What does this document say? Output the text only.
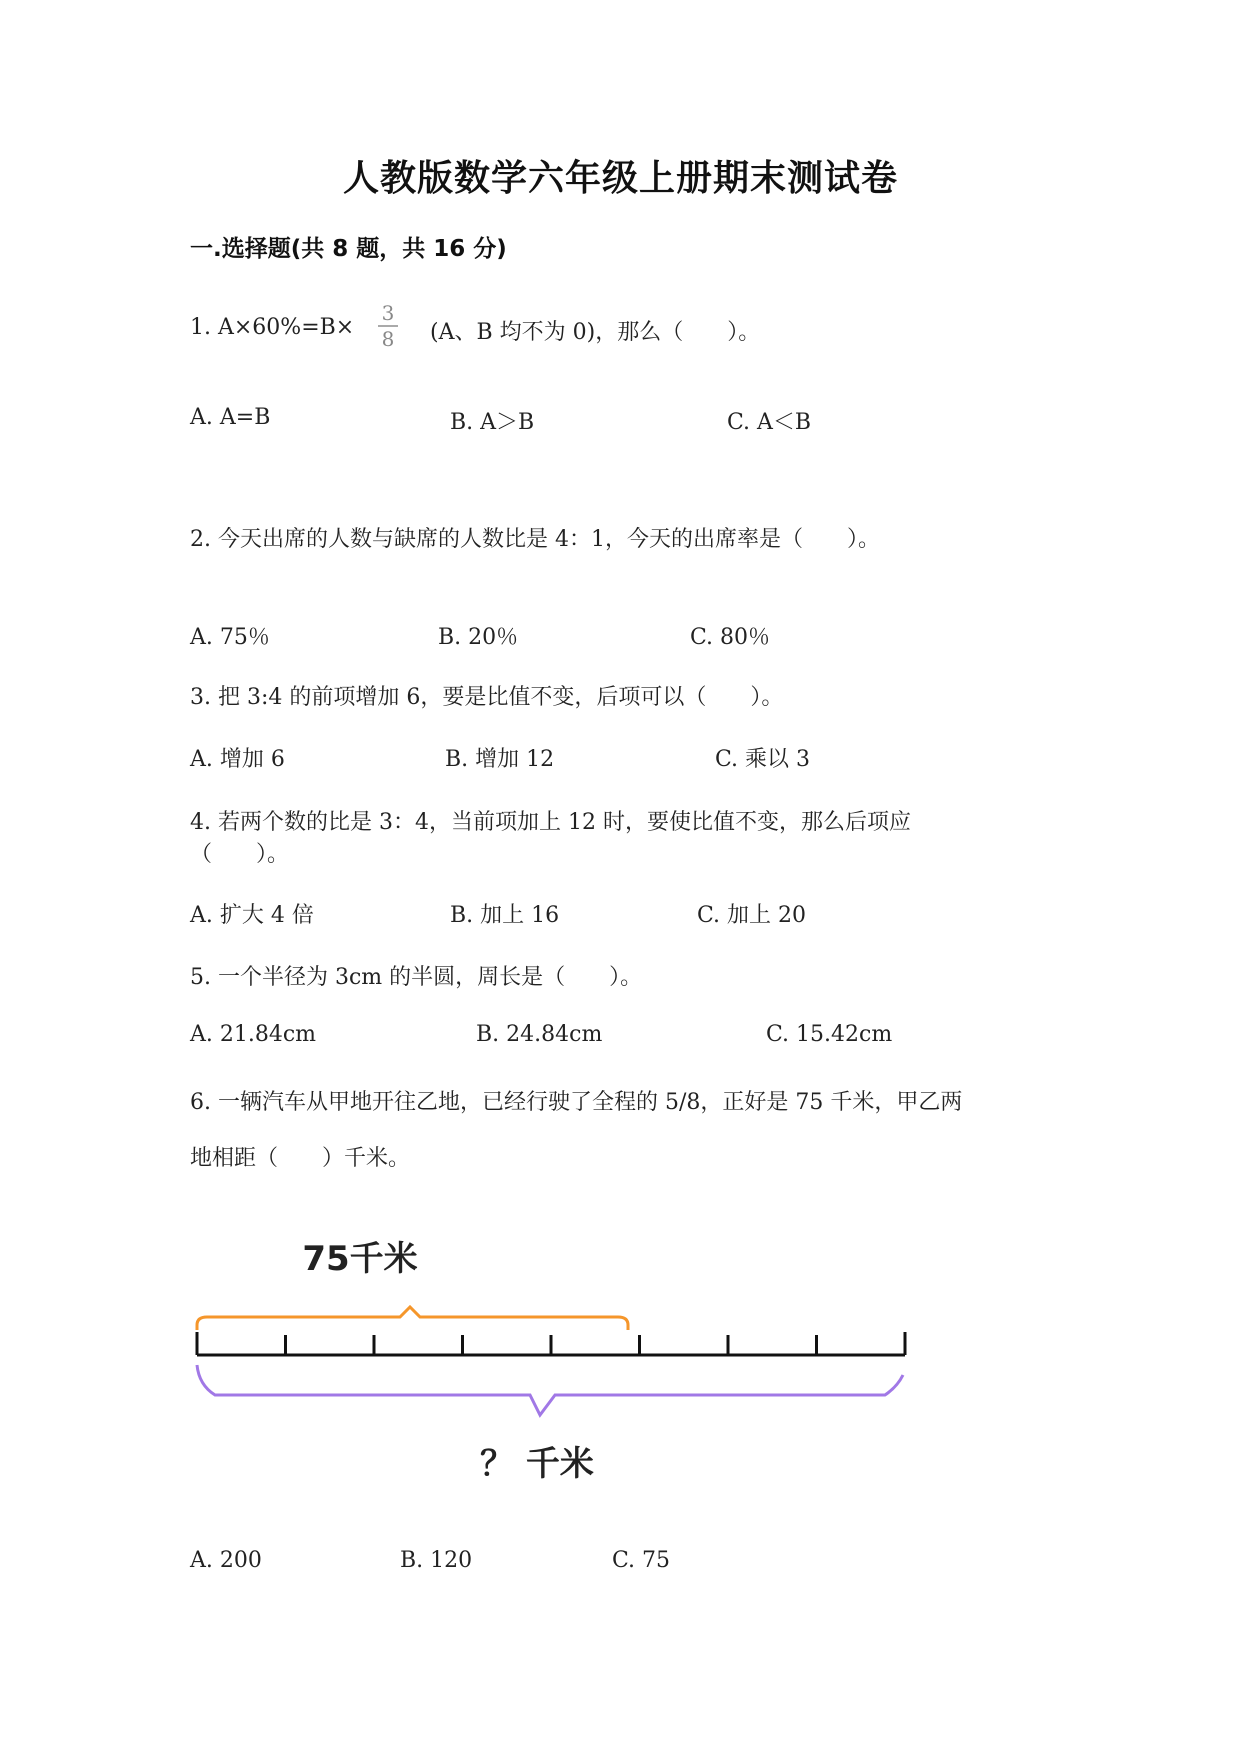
人教版数学六年级上册期末测试卷
一.选择题(共 8 题，共 16 分)
1. A×60%=B×
3
8 (A、B 均不为 0)，那么（　　）。
A. A=B	B. A＞B	C. A＜B
2. 今天出席的人数与缺席的人数比是 4：1，今天的出席率是（　　）。
A. 75％	B. 20％	C. 80％
3. 把 3:4 的前项增加 6，要是比值不变，后项可以（　　）。
A. 增加 6	B. 增加 12	C. 乘以 3
4. 若两个数的比是 3：4，当前项加上 12 时，要使比值不变，那么后项应
（　　）。
A. 扩大 4 倍	B. 加上 16	C. 加上 20
5. 一个半径为 3cm 的半圆，周长是（　　）。
A. 21.84cm	B. 24.84cm	C. 15.42cm
6. 一辆汽车从甲地开往乙地，已经行驶了全程的 5/8，正好是 75 千米，甲乙两
地相距（　　）千米。
75千米
？ 千米
A. 200	B. 120	C. 75
